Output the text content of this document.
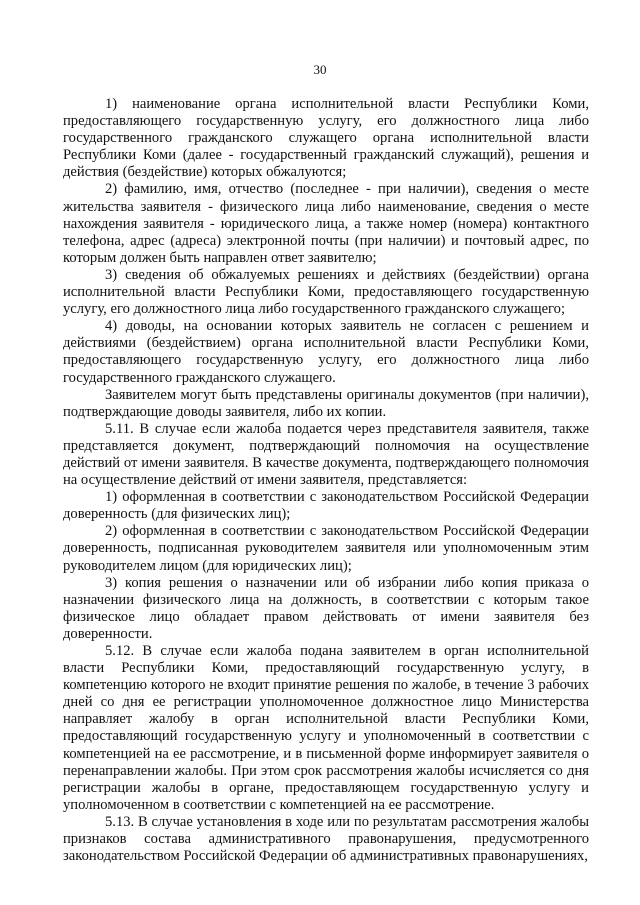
30

1) наименование органа исполнительной власти Республики Коми, предоставляющего государственную услугу, его должностного лица либо государственного гражданского служащего органа исполнительной власти Республики Коми (далее - государственный гражданский служащий), решения и действия (бездействие) которых обжалуются;

2) фамилию, имя, отчество (последнее - при наличии), сведения о месте жительства заявителя - физического лица либо наименование, сведения о месте нахождения заявителя - юридического лица, а также номер (номера) контактного телефона, адрес (адреса) электронной почты (при наличии) и почтовый адрес, по которым должен быть направлен ответ заявителю;

3) сведения об обжалуемых решениях и действиях (бездействии) органа исполнительной власти Республики Коми, предоставляющего государственную услугу, его должностного лица либо государственного гражданского служащего;

4) доводы, на основании которых заявитель не согласен с решением и действиями (бездействием) органа исполнительной власти Республики Коми, предоставляющего государственную услугу, его должностного лица либо государственного гражданского служащего.

Заявителем могут быть представлены оригиналы документов (при наличии), подтверждающие доводы заявителя, либо их копии.

5.11. В случае если жалоба подается через представителя заявителя, также представляется документ, подтверждающий полномочия на осуществление действий от имени заявителя. В качестве документа, подтверждающего полномочия на осуществление действий от имени заявителя, представляется:

1) оформленная в соответствии с законодательством Российской Федерации доверенность (для физических лиц);

2) оформленная в соответствии с законодательством Российской Федерации доверенность, подписанная руководителем заявителя или уполномоченным этим руководителем лицом (для юридических лиц);

3) копия решения о назначении или об избрании либо копия приказа о назначении физического лица на должность, в соответствии с которым такое физическое лицо обладает правом действовать от имени заявителя без доверенности.

5.12. В случае если жалоба подана заявителем в орган исполнительной власти Республики Коми, предоставляющий государственную услугу, в компетенцию которого не входит принятие решения по жалобе, в течение 3 рабочих дней со дня ее регистрации уполномоченное должностное лицо Министерства направляет жалобу в орган исполнительной власти Республики Коми, предоставляющий государственную услугу и уполномоченный в соответствии с компетенцией на ее рассмотрение, и в письменной форме информирует заявителя о перенаправлении жалобы. При этом срок рассмотрения жалобы исчисляется со дня регистрации жалобы в органе, предоставляющем государственную услугу и уполномоченном в соответствии с компетенцией на ее рассмотрение.

5.13. В случае установления в ходе или по результатам рассмотрения жалобы признаков состава административного правонарушения, предусмотренного законодательством Российской Федерации об административных правонарушениях,
